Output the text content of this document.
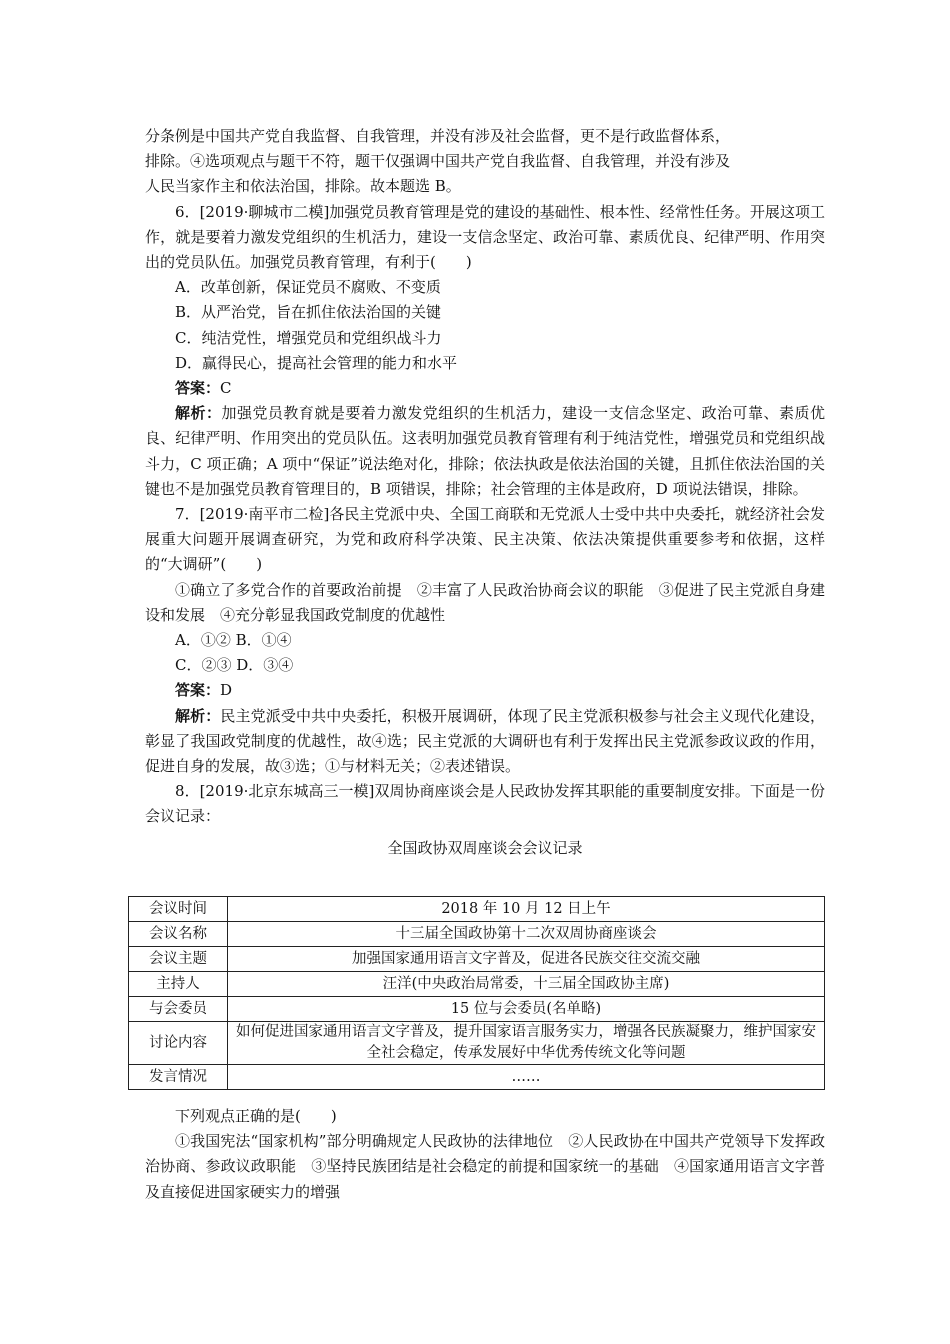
分条例是中国共产党自我监督、自我管理，并没有涉及社会监督，更不是行政监督体系，

排除。④选项观点与题干不符，题干仅强调中国共产党自我监督、自我管理，并没有涉及

人民当家作主和依法治国，排除。故本题选 B。

6．[2019·聊城市二模]加强党员教育管理是党的建设的基础性、根本性、经常性任务。开展这项工作，就是要着力激发党组织的生机活力，建设一支信念坚定、政治可靠、素质优良、纪律严明、作用突出的党员队伍。加强党员教育管理，有利于(　　)

A．改革创新，保证党员不腐败、不变质

B．从严治党，旨在抓住依法治国的关键

C．纯洁党性，增强党员和党组织战斗力

D．赢得民心，提高社会管理的能力和水平

答案：C

解析：加强党员教育就是要着力激发党组织的生机活力，建设一支信念坚定、政治可靠、素质优良、纪律严明、作用突出的党员队伍。这表明加强党员教育管理有利于纯洁党性，增强党员和党组织战斗力，C 项正确；A 项中“保证”说法绝对化，排除；依法执政是依法治国的关键，且抓住依法治国的关键也不是加强党员教育管理目的，B 项错误，排除；社会管理的主体是政府，D 项说法错误，排除。

7．[2019·南平市二检]各民主党派中央、全国工商联和无党派人士受中共中央委托，就经济社会发展重大问题开展调查研究，为党和政府科学决策、民主决策、依法决策提供重要参考和依据，这样的“大调研”(　　)

①确立了多党合作的首要政治前提　②丰富了人民政治协商会议的职能　③促进了民主党派自身建设和发展　④充分彰显我国政党制度的优越性

A．①② B．①④

C．②③ D．③④

答案：D

解析：民主党派受中共中央委托，积极开展调研，体现了民主党派积极参与社会主义现代化建设，彰显了我国政党制度的优越性，故④选；民主党派的大调研也有利于发挥出民主党派参政议政的作用，促进自身的发展，故③选；①与材料无关；②表述错误。

8．[2019·北京东城高三一模]双周协商座谈会是人民政协发挥其职能的重要制度安排。下面是一份会议记录：

全国政协双周座谈会会议记录

会议时间	2018 年 10 月 12 日上午
会议名称	十三届全国政协第十二次双周协商座谈会
会议主题	加强国家通用语言文字普及，促进各民族交往交流交融
主持人	汪洋(中央政治局常委，十三届全国政协主席)
与会委员	15 位与会委员(名单略)
讨论内容	如何促进国家通用语言文字普及，提升国家语言服务实力，增强各民族凝聚力，维护国家安全社会稳定，传承发展好中华优秀传统文化等问题
发言情况	……

下列观点正确的是(　　)

①我国宪法“国家机构”部分明确规定人民政协的法律地位　②人民政协在中国共产党领导下发挥政治协商、参政议政职能　③坚持民族团结是社会稳定的前提和国家统一的基础　④国家通用语言文字普及直接促进国家硬实力的增强
